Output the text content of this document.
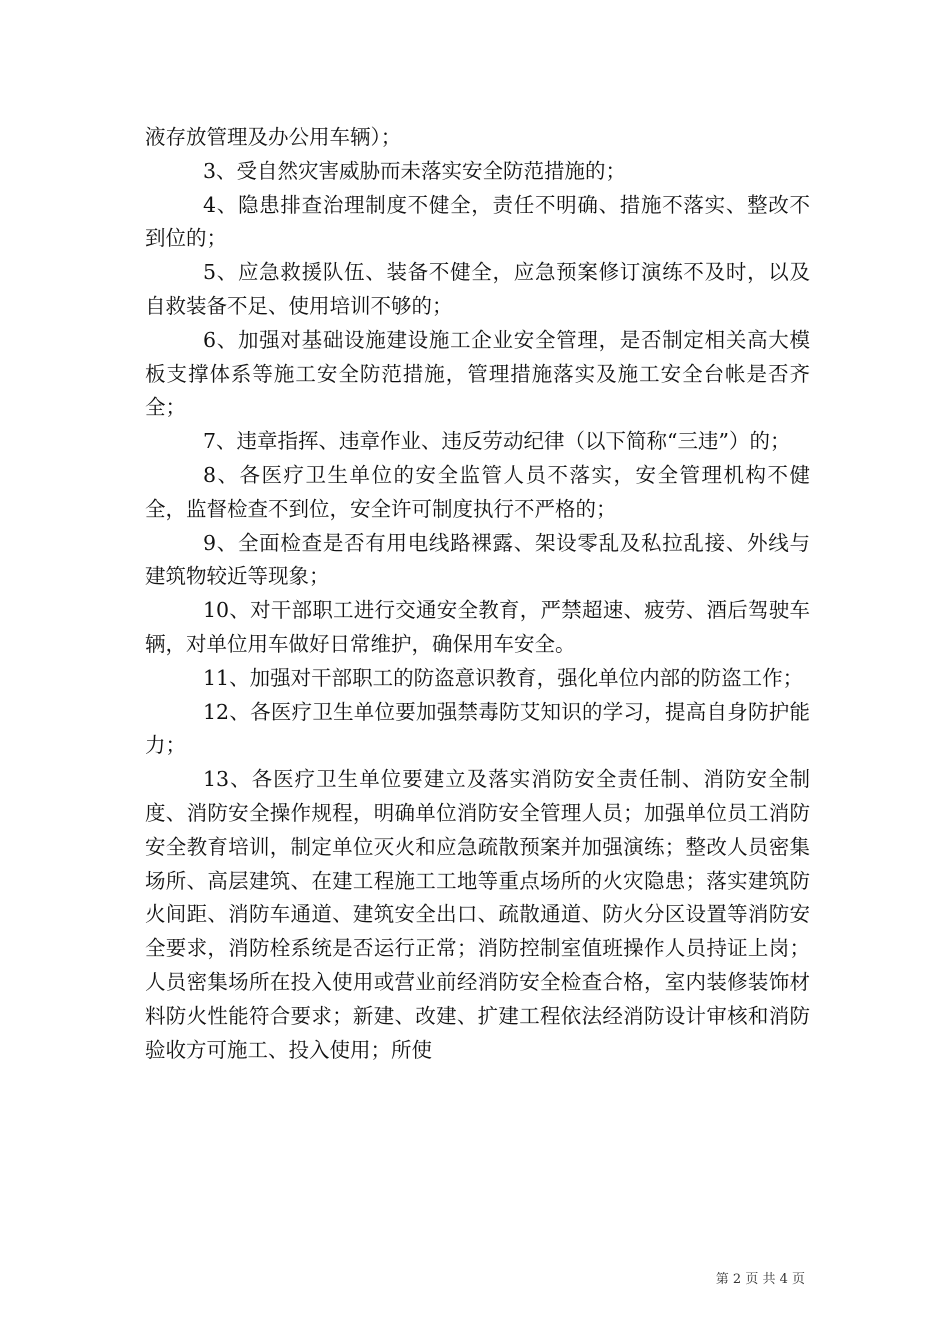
液存放管理及办公用车辆）；

3、受自然灾害威胁而未落实安全防范措施的；

4、隐患排查治理制度不健全，责任不明确、措施不落实、整改不到位的；

5、应急救援队伍、装备不健全，应急预案修订演练不及时，以及自救装备不足、使用培训不够的；

6、加强对基础设施建设施工企业安全管理，是否制定相关高大模板支撑体系等施工安全防范措施，管理措施落实及施工安全台帐是否齐全；

7、违章指挥、违章作业、违反劳动纪律（以下简称“三违”）的；

8、各医疗卫生单位的安全监管人员不落实，安全管理机构不健全，监督检查不到位，安全许可制度执行不严格的；

9、全面检查是否有用电线路裸露、架设零乱及私拉乱接、外线与建筑物较近等现象；

10、对干部职工进行交通安全教育，严禁超速、疲劳、酒后驾驶车辆，对单位用车做好日常维护，确保用车安全。

11、加强对干部职工的防盗意识教育，强化单位内部的防盗工作；

12、各医疗卫生单位要加强禁毒防艾知识的学习，提高自身防护能力；

13、各医疗卫生单位要建立及落实消防安全责任制、消防安全制度、消防安全操作规程，明确单位消防安全管理人员；加强单位员工消防安全教育培训，制定单位灭火和应急疏散预案并加强演练；整改人员密集场所、高层建筑、在建工程施工工地等重点场所的火灾隐患；落实建筑防火间距、消防车通道、建筑安全出口、疏散通道、防火分区设置等消防安全要求，消防栓系统是否运行正常；消防控制室值班操作人员持证上岗；人员密集场所在投入使用或营业前经消防安全检查合格，室内装修装饰材料防火性能符合要求；新建、改建、扩建工程依法经消防设计审核和消防验收方可施工、投入使用；所使

第 2 页 共 4 页
